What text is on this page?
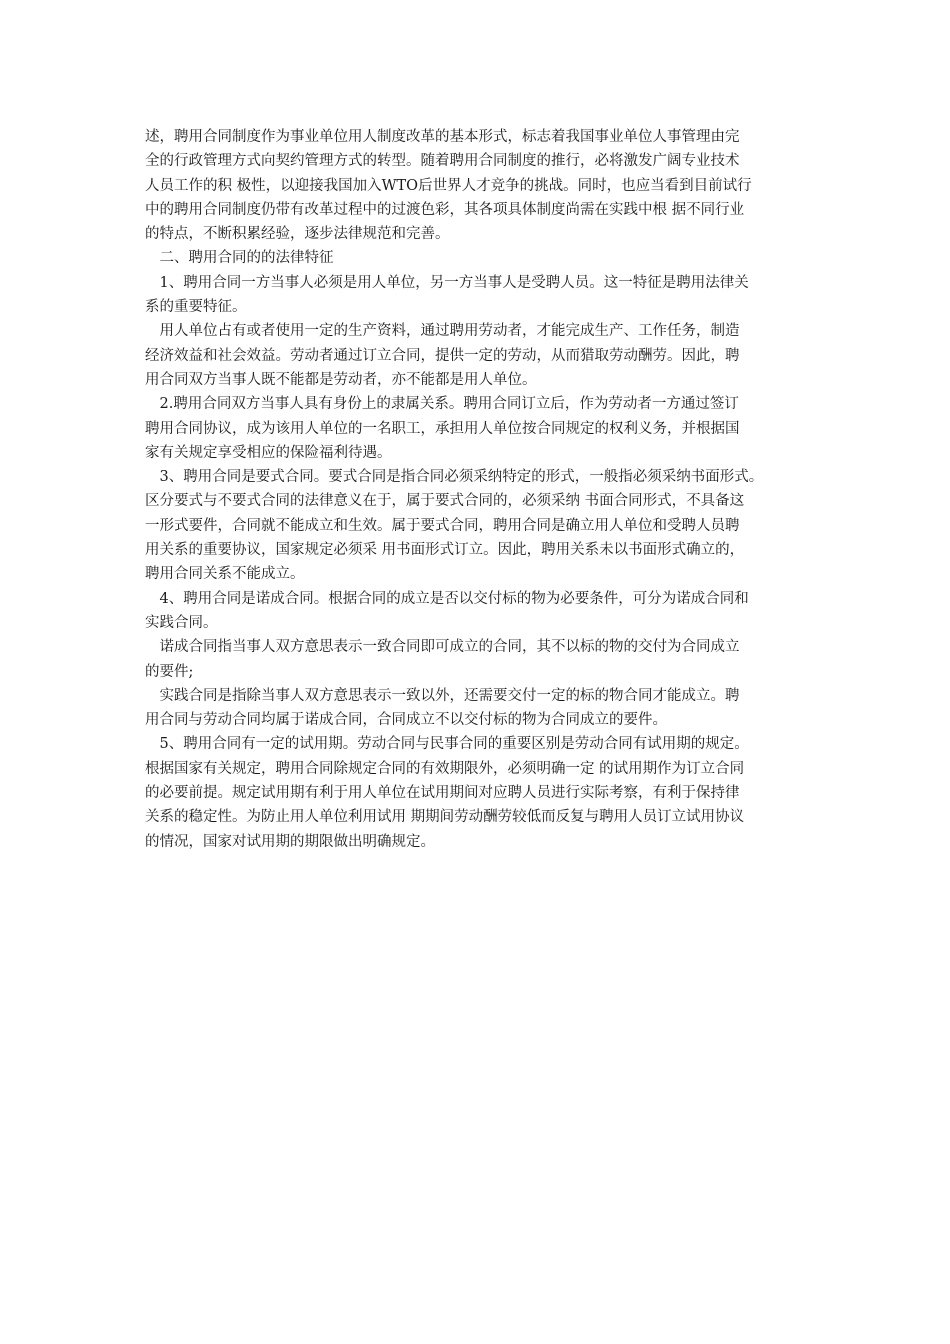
述，聘用合同制度作为事业单位用人制度改革的基本形式，标志着我国事业单位人事管理由完
全的行政管理方式向契约管理方式的转型。随着聘用合同制度的推行，必将激发广阔专业技术
人员工作的积 极性，以迎接我国加入WTO后世界人才竞争的挑战。同时，也应当看到目前试行
中的聘用合同制度仍带有改革过程中的过渡色彩，其各项具体制度尚需在实践中根 据不同行业
的特点，不断积累经验，逐步法律规范和完善。
　二、聘用合同的的法律特征
　1、聘用合同一方当事人必须是用人单位，另一方当事人是受聘人员。这一特征是聘用法律关
系的重要特征。
　用人单位占有或者使用一定的生产资料，通过聘用劳动者，才能完成生产、工作任务，制造
经济效益和社会效益。劳动者通过订立合同，提供一定的劳动，从而猎取劳动酬劳。因此，聘
用合同双方当事人既不能都是劳动者，亦不能都是用人单位。
　2.聘用合同双方当事人具有身份上的隶属关系。聘用合同订立后，作为劳动者一方通过签订
聘用合同协议，成为该用人单位的一名职工，承担用人单位按合同规定的权利义务，并根据国
家有关规定享受相应的保险福利待遇。
　3、聘用合同是要式合同。要式合同是指合同必须采纳特定的形式，一般指必须采纳书面形式。
区分要式与不要式合同的法律意义在于，属于要式合同的，必须采纳 书面合同形式，不具备这
一形式要件，合同就不能成立和生效。属于要式合同，聘用合同是确立用人单位和受聘人员聘
用关系的重要协议，国家规定必须采 用书面形式订立。因此，聘用关系未以书面形式确立的，
聘用合同关系不能成立。
　4、聘用合同是诺成合同。根据合同的成立是否以交付标的物为必要条件，可分为诺成合同和
实践合同。
　诺成合同指当事人双方意思表示一致合同即可成立的合同，其不以标的物的交付为合同成立
的要件;
　实践合同是指除当事人双方意思表示一致以外，还需要交付一定的标的物合同才能成立。聘
用合同与劳动合同均属于诺成合同，合同成立不以交付标的物为合同成立的要件。
　5、聘用合同有一定的试用期。劳动合同与民事合同的重要区别是劳动合同有试用期的规定。
根据国家有关规定，聘用合同除规定合同的有效期限外，必须明确一定 的试用期作为订立合同
的必要前提。规定试用期有利于用人单位在试用期间对应聘人员进行实际考察，有利于保持律
关系的稳定性。为防止用人单位利用试用 期期间劳动酬劳较低而反复与聘用人员订立试用协议
的情况，国家对试用期的期限做出明确规定。
